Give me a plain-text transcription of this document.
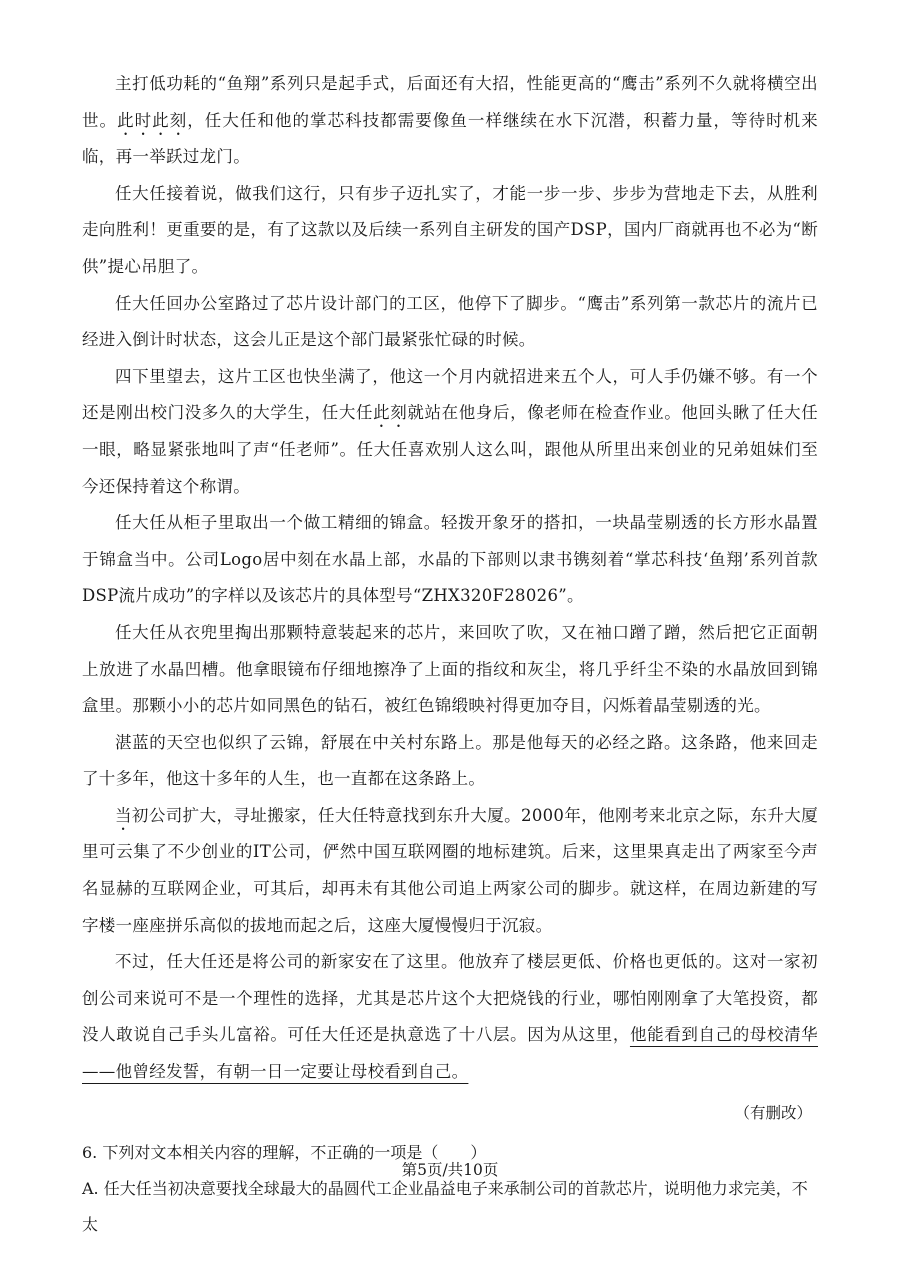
主打低功耗的“鱼翔”系列只是起手式，后面还有大招，性能更高的“鹰击”系列不久就将横空出世。此时此刻，任大任和他的掌芯科技都需要像鱼一样继续在水下沉潜，积蓄力量，等待时机来临，再一举跃过龙门。

任大任接着说，做我们这行，只有步子迈扎实了，才能一步一步、步步为营地走下去，从胜利走向胜利！更重要的是，有了这款以及后续一系列自主研发的国产DSP，国内厂商就再也不必为“断供”提心吊胆了。

任大任回办公室路过了芯片设计部门的工区，他停下了脚步。“鹰击”系列第一款芯片的流片已经进入倒计时状态，这会儿正是这个部门最紧张忙碌的时候。

四下里望去，这片工区也快坐满了，他这一个月内就招进来五个人，可人手仍嫌不够。有一个还是刚出校门没多久的大学生，任大任此刻就站在他身后，像老师在检查作业。他回头瞅了任大任一眼，略显紧张地叫了声“任老师”。任大任喜欢别人这么叫，跟他从所里出来创业的兄弟姐妹们至今还保持着这个称谓。

任大任从柜子里取出一个做工精细的锦盒。轻拨开象牙的搭扣，一块晶莹剔透的长方形水晶置于锦盒当中。公司Logo居中刻在水晶上部，水晶的下部则以隶书镌刻着“掌芯科技‘鱼翔’系列首款DSP流片成功”的字样以及该芯片的具体型号“ZHX320F28026”。

任大任从衣兜里掏出那颗特意装起来的芯片，来回吹了吹，又在袖口蹭了蹭，然后把它正面朝上放进了水晶凹槽。他拿眼镜布仔细地擦净了上面的指纹和灰尘，将几乎纤尘不染的水晶放回到锦盒里。那颗小小的芯片如同黑色的钻石，被红色锦缎映衬得更加夺目，闪烁着晶莹剔透的光。

湛蓝的天空也似织了云锦，舒展在中关村东路上。那是他每天的必经之路。这条路，他来回走了十多年，他这十多年的人生，也一直都在这条路上。

当初公司扩大，寻址搬家，任大任特意找到东升大厦。2000年，他刚考来北京之际，东升大厦里可云集了不少创业的IT公司，俨然中国互联网圈的地标建筑。后来，这里果真走出了两家至今声名显赫的互联网企业，可其后，却再未有其他公司追上两家公司的脚步。就这样，在周边新建的写字楼一座座拼乐高似的拔地而起之后，这座大厦慢慢归于沉寂。

不过，任大任还是将公司的新家安在了这里。他放弃了楼层更低、价格也更低的。这对一家初创公司来说可不是一个理性的选择，尤其是芯片这个大把烧钱的行业，哪怕刚刚拿了大笔投资，都没人敢说自己手头儿富裕。可任大任还是执意选了十八层。因为从这里，他能看到自己的母校清华——他曾经发誓，有朝一日一定要让母校看到自己。

（有删改）
6. 下列对文本相关内容的理解，不正确的一项是（　　）
A. 任大任当初决意要找全球最大的晶圆代工企业晶益电子来承制公司的首款芯片，说明他力求完美，不太
第5页/共10页
